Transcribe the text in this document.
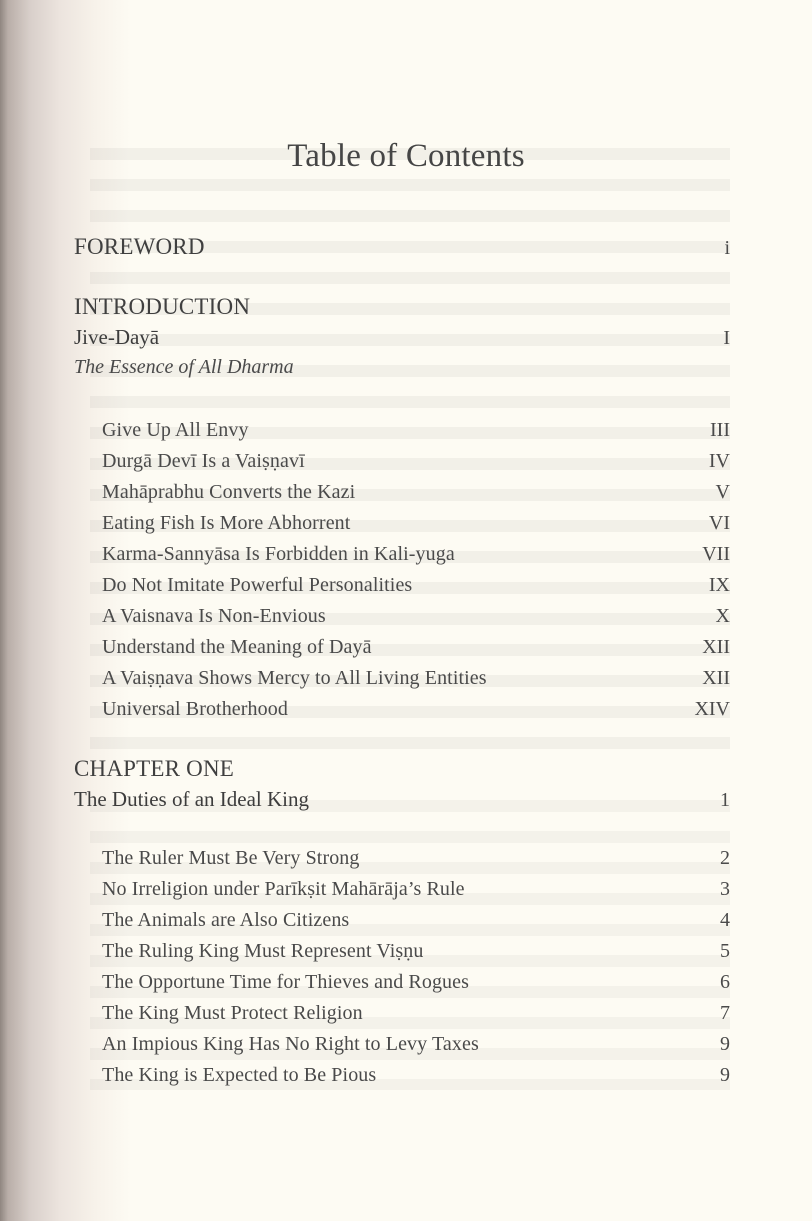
Table of Contents
FOREWORD	i
INTRODUCTION
Jive-Dayā	I
The Essence of All Dharma
Give Up All Envy	III
Durgā Devī Is a Vaiṣṇavī	IV
Mahāprabhu Converts the Kazi	V
Eating Fish Is More Abhorrent	VI
Karma-Sannyāsa Is Forbidden in Kali-yuga	VII
Do Not Imitate Powerful Personalities	IX
A Vaisnava Is Non-Envious	X
Understand the Meaning of Dayā	XII
A Vaiṣṇava Shows Mercy to All Living Entities	XII
Universal Brotherhood	XIV
CHAPTER ONE
The Duties of an Ideal King	1
The Ruler Must Be Very Strong	2
No Irreligion under Parīkṣit Mahārāja’s Rule	3
The Animals are Also Citizens	4
The Ruling King Must Represent Viṣṇu	5
The Opportune Time for Thieves and Rogues	6
The King Must Protect Religion	7
An Impious King Has No Right to Levy Taxes	9
The King is Expected to Be Pious	9
